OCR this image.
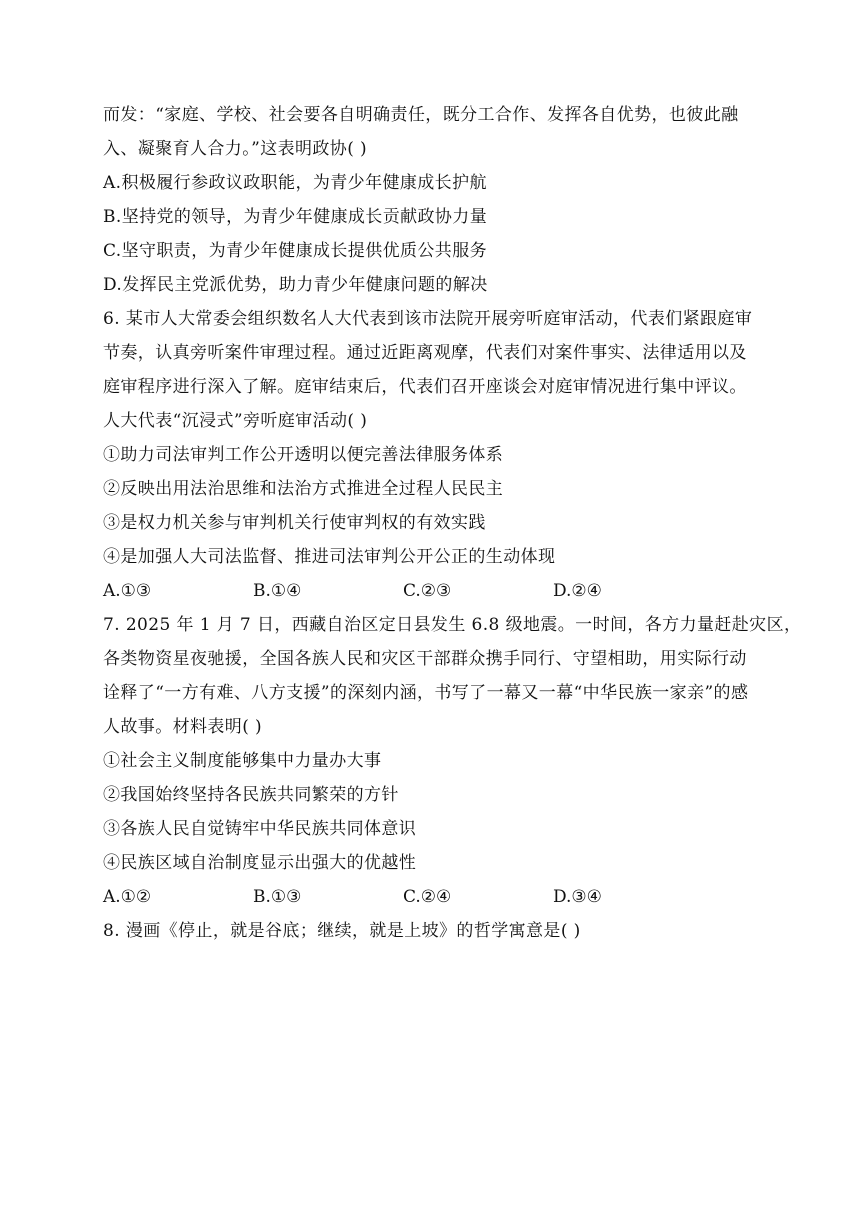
而发：“家庭、学校、社会要各自明确责任，既分工合作、发挥各自优势，也彼此融
入、凝聚育人合力。”这表明政协( )
A.积极履行参政议政职能，为青少年健康成长护航
B.坚持党的领导，为青少年健康成长贡献政协力量
C.坚守职责，为青少年健康成长提供优质公共服务
D.发挥民主党派优势，助力青少年健康问题的解决
6. 某市人大常委会组织数名人大代表到该市法院开展旁听庭审活动，代表们紧跟庭审
节奏，认真旁听案件审理过程。通过近距离观摩，代表们对案件事实、法律适用以及
庭审程序进行深入了解。庭审结束后，代表们召开座谈会对庭审情况进行集中评议。
人大代表“沉浸式”旁听庭审活动( )
①助力司法审判工作公开透明以便完善法律服务体系
②反映出用法治思维和法治方式推进全过程人民民主
③是权力机关参与审判机关行使审判权的有效实践
④是加强人大司法监督、推进司法审判公开公正的生动体现
A.①③	B.①④	C.②③	D.②④
7. 2025 年 1 月 7 日，西藏自治区定日县发生 6.8 级地震。一时间，各方力量赶赴灾区，
各类物资星夜驰援，全国各族人民和灾区干部群众携手同行、守望相助，用实际行动
诠释了“一方有难、八方支援”的深刻内涵，书写了一幕又一幕“中华民族一家亲”的感
人故事。材料表明( )
①社会主义制度能够集中力量办大事
②我国始终坚持各民族共同繁荣的方针
③各族人民自觉铸牢中华民族共同体意识
④民族区域自治制度显示出强大的优越性
A.①②	B.①③	C.②④	D.③④
8. 漫画《停止，就是谷底；继续，就是上坡》的哲学寓意是( )
